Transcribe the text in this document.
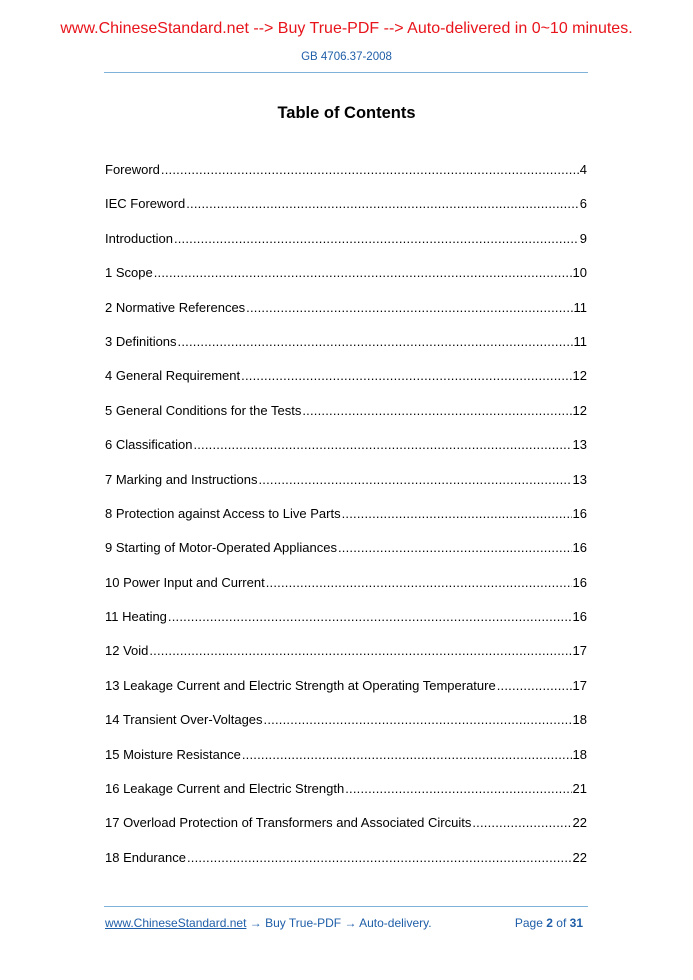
www.ChineseStandard.net --> Buy True-PDF --> Auto-delivered in 0~10 minutes.
GB 4706.37-2008
Table of Contents
Foreword .....	4
IEC Foreword .....	6
Introduction .....	9
1 Scope .....	10
2 Normative References .....	11
3 Definitions .....	11
4 General Requirement .....	12
5 General Conditions for the Tests .....	12
6 Classification .....	13
7 Marking and Instructions .....	13
8 Protection against Access to Live Parts .....	16
9 Starting of Motor-Operated Appliances .....	16
10 Power Input and Current .....	16
11 Heating .....	16
12 Void .....	17
13 Leakage Current and Electric Strength at Operating Temperature .....	17
14 Transient Over-Voltages .....	18
15 Moisture Resistance .....	18
16 Leakage Current and Electric Strength .....	21
17 Overload Protection of Transformers and Associated Circuits .....	22
18 Endurance .....	22
www.ChineseStandard.net → Buy True-PDF → Auto-delivery.	Page 2 of 31
